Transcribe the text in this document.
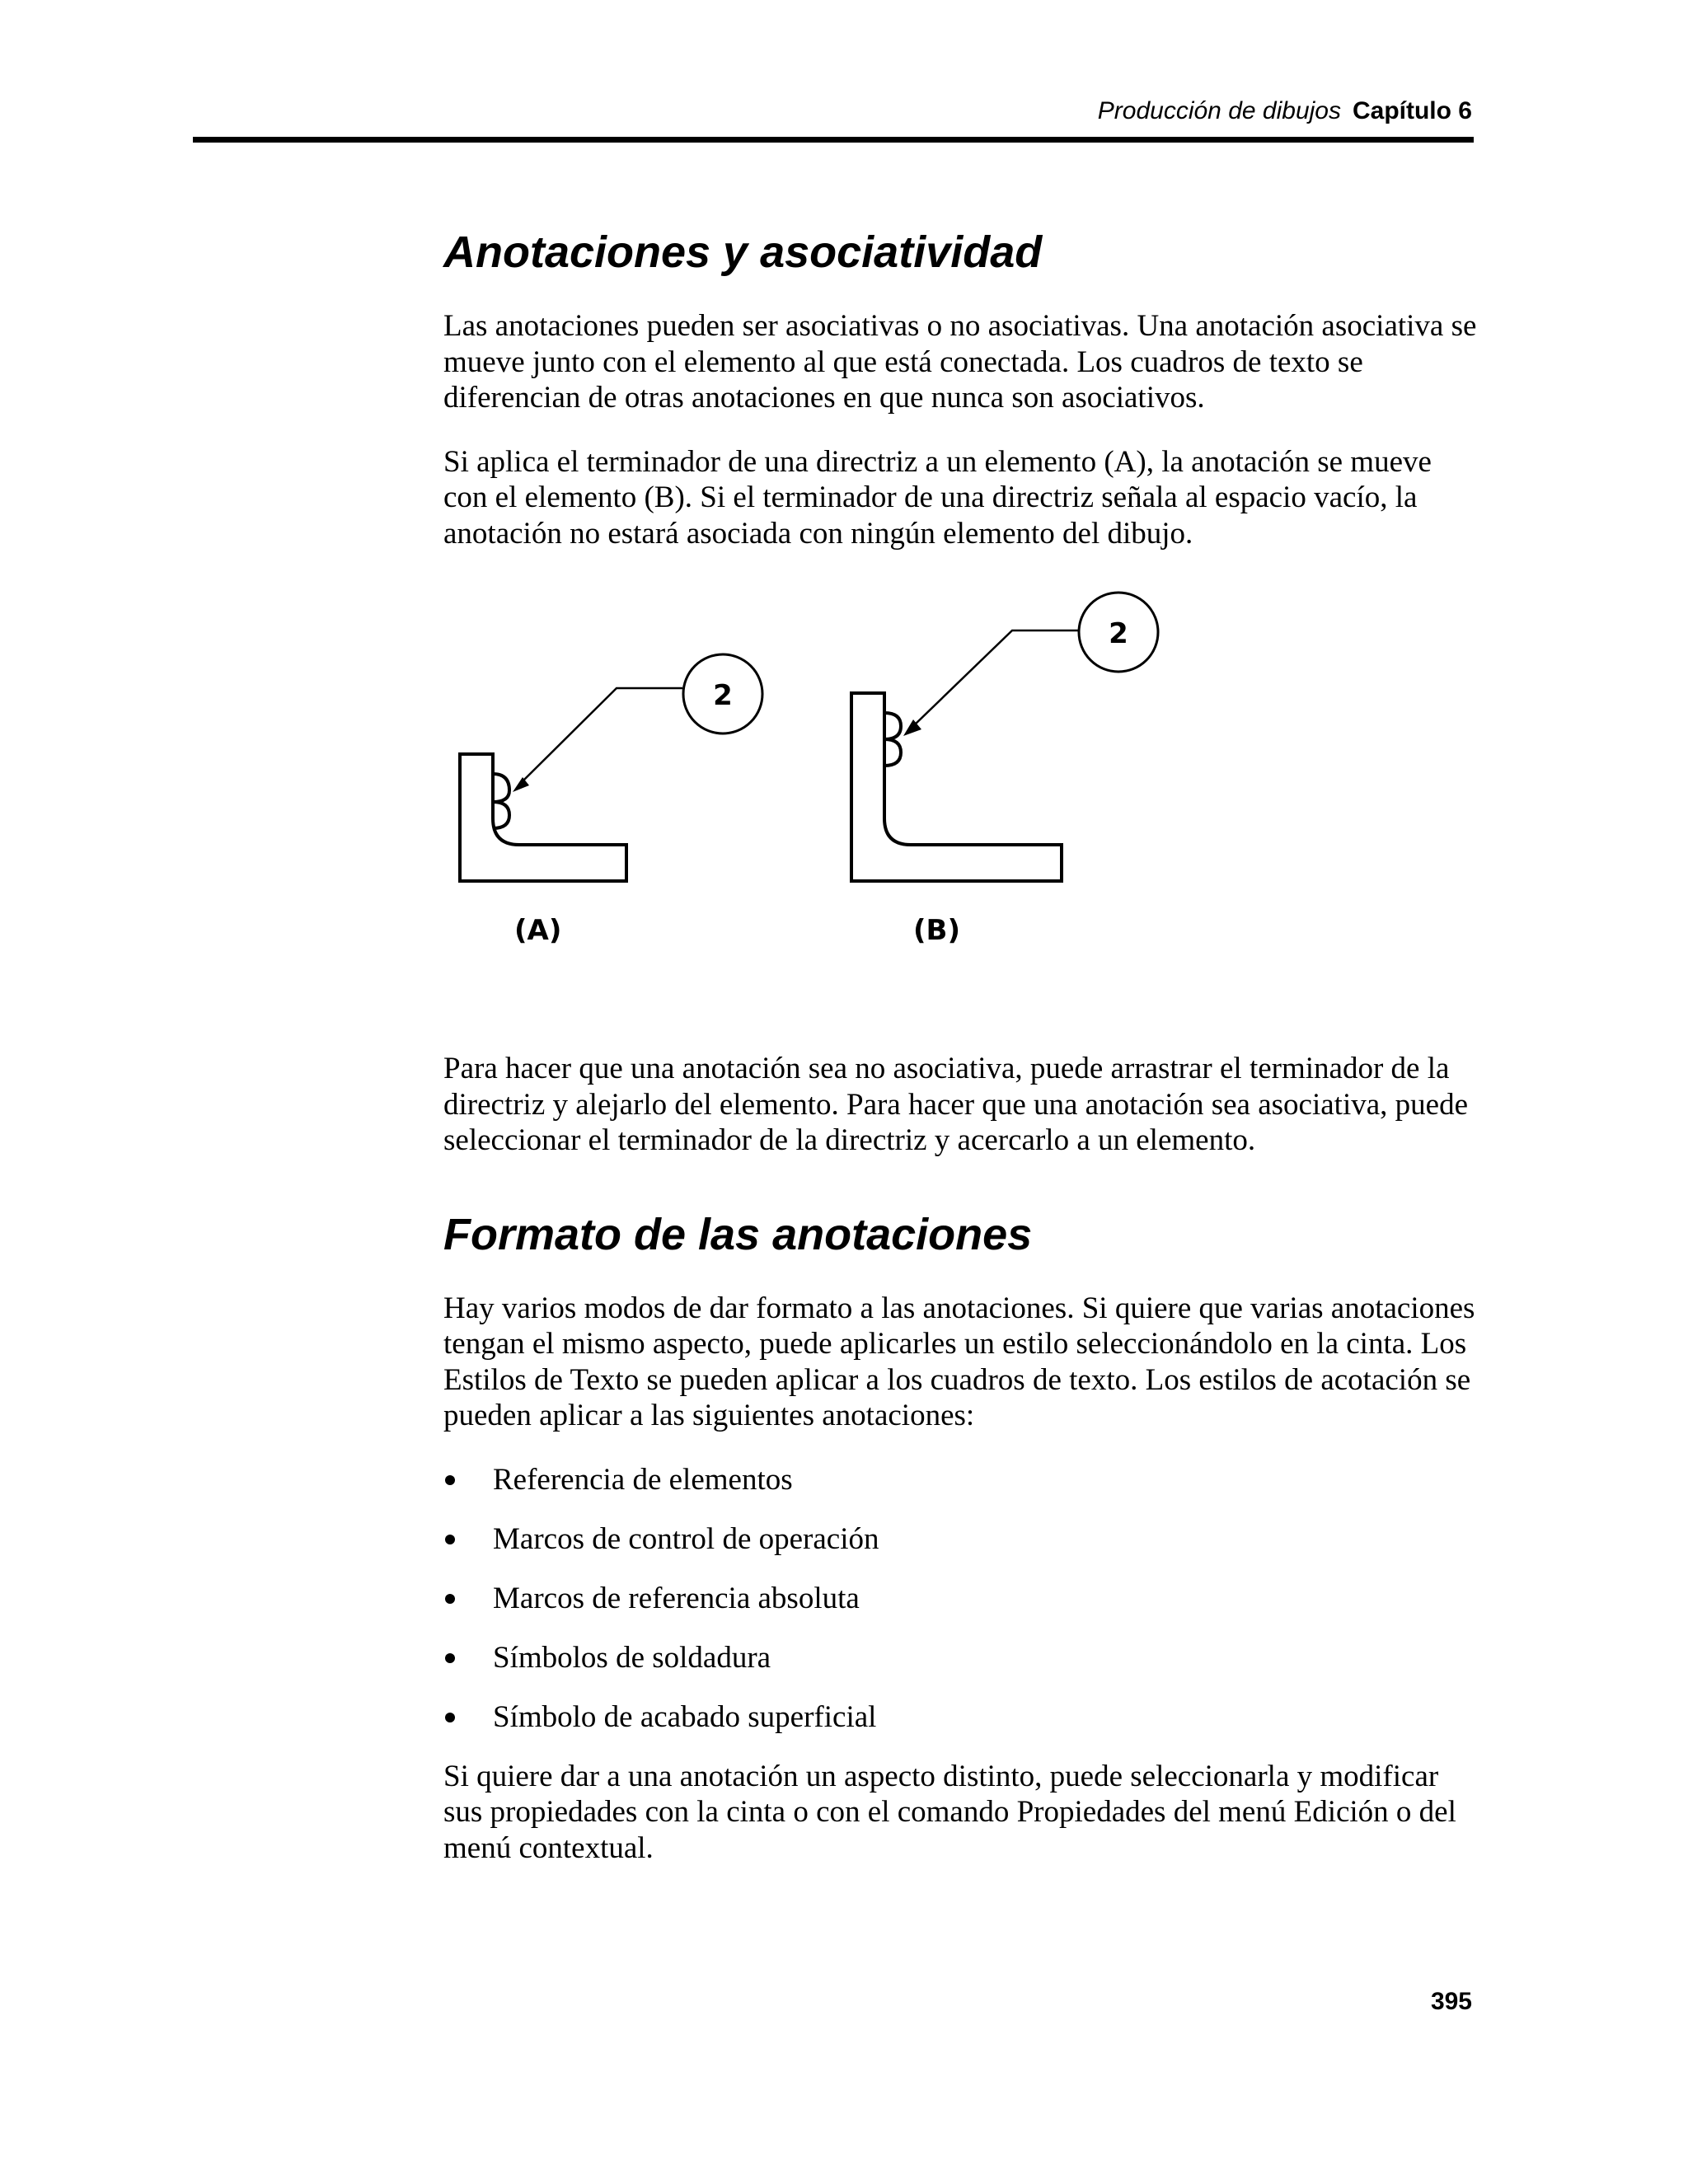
Producción de dibujos Capítulo 6
Anotaciones y asociatividad

Las anotaciones pueden ser asociativas o no asociativas. Una anotación asociativa se mueve junto con el elemento al que está conectada. Los cuadros de texto se diferencian de otras anotaciones en que nunca son asociativos.

Si aplica el terminador de una directriz a un elemento (A), la anotación se mueve con el elemento (B). Si el terminador de una directriz señala al espacio vacío, la anotación no estará asociada con ningún elemento del dibujo.

2
2
(A)	(B)

Para hacer que una anotación sea no asociativa, puede arrastrar el terminador de la directriz y alejarlo del elemento. Para hacer que una anotación sea asociativa, puede seleccionar el terminador de la directriz y acercarlo a un elemento.

Formato de las anotaciones

Hay varios modos de dar formato a las anotaciones. Si quiere que varias anotaciones tengan el mismo aspecto, puede aplicarles un estilo seleccionándolo en la cinta. Los Estilos de Texto se pueden aplicar a los cuadros de texto. Los estilos de acotación se pueden aplicar a las siguientes anotaciones:

Referencia de elementos
Marcos de control de operación
Marcos de referencia absoluta
Símbolos de soldadura
Símbolo de acabado superficial

Si quiere dar a una anotación un aspecto distinto, puede seleccionarla y modificar sus propiedades con la cinta o con el comando Propiedades del menú Edición o del menú contextual.

395
